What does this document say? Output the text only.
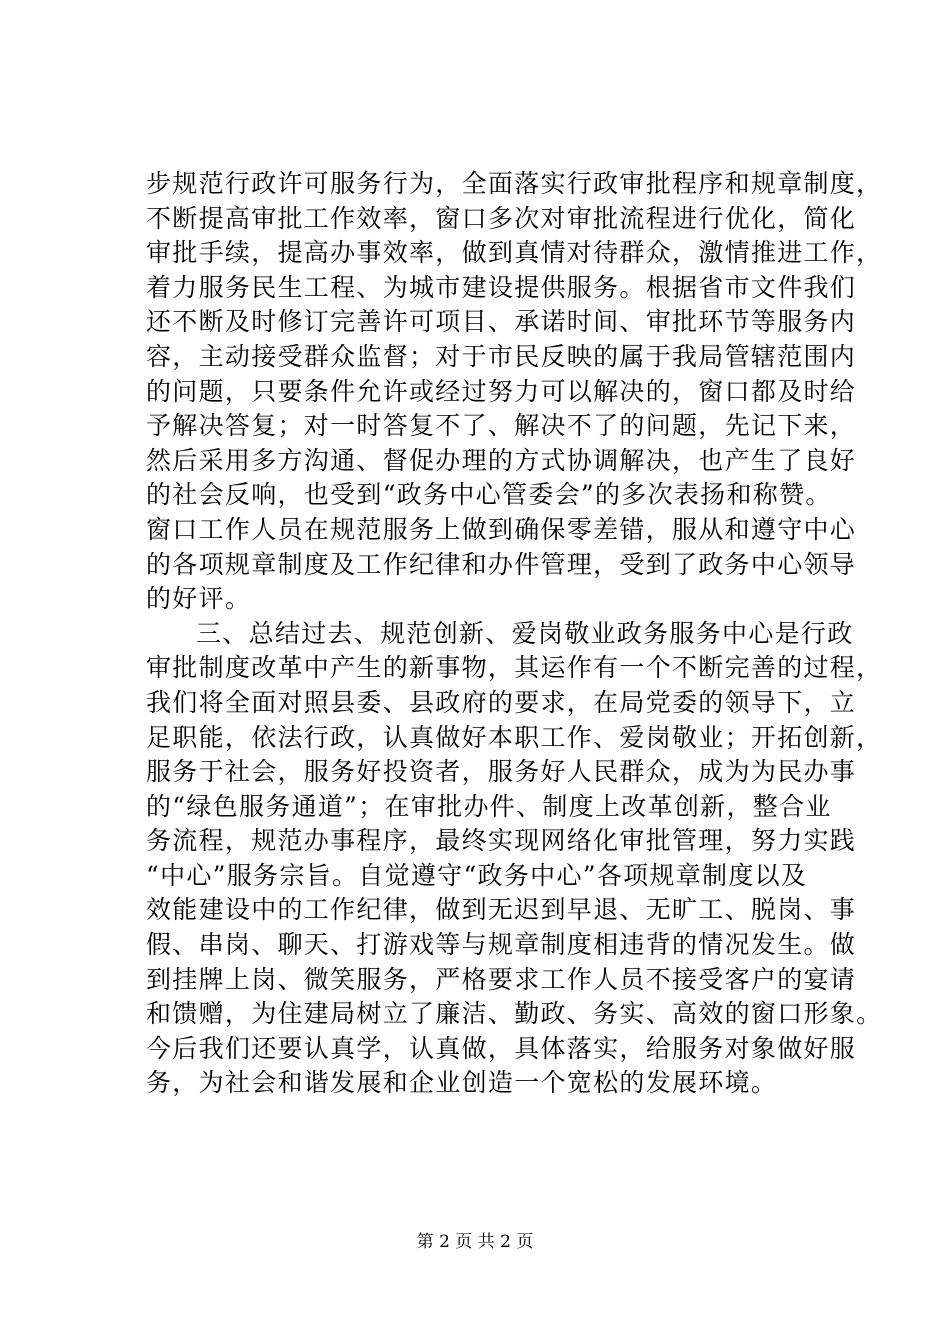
步规范行政许可服务行为，全面落实行政审批程序和规章制度，
不断提高审批工作效率，窗口多次对审批流程进行优化，简化
审批手续，提高办事效率，做到真情对待群众，激情推进工作，
着力服务民生工程、为城市建设提供服务。根据省市文件我们
还不断及时修订完善许可项目、承诺时间、审批环节等服务内
容，主动接受群众监督；对于市民反映的属于我局管辖范围内
的问题，只要条件允许或经过努力可以解决的，窗口都及时给
予解决答复；对一时答复不了、解决不了的问题，先记下来，
然后采用多方沟通、督促办理的方式协调解决，也产生了良好
的社会反响，也受到“政务中心管委会”的多次表扬和称赞。
窗口工作人员在规范服务上做到确保零差错，服从和遵守中心
的各项规章制度及工作纪律和办件管理，受到了政务中心领导
的好评。
三、总结过去、规范创新、爱岗敬业政务服务中心是行政
审批制度改革中产生的新事物，其运作有一个不断完善的过程，
我们将全面对照县委、县政府的要求，在局党委的领导下，立
足职能，依法行政，认真做好本职工作、爱岗敬业；开拓创新，
服务于社会，服务好投资者，服务好人民群众，成为为民办事
的“绿色服务通道”；在审批办件、制度上改革创新，整合业
务流程，规范办事程序，最终实现网络化审批管理，努力实践
“中心”服务宗旨。自觉遵守“政务中心”各项规章制度以及
效能建设中的工作纪律，做到无迟到早退、无旷工、脱岗、事
假、串岗、聊天、打游戏等与规章制度相违背的情况发生。做
到挂牌上岗、微笑服务，严格要求工作人员不接受客户的宴请
和馈赠，为住建局树立了廉洁、勤政、务实、高效的窗口形象。
今后我们还要认真学，认真做，具体落实，给服务对象做好服
务，为社会和谐发展和企业创造一个宽松的发展环境。
第 2 页 共 2 页
